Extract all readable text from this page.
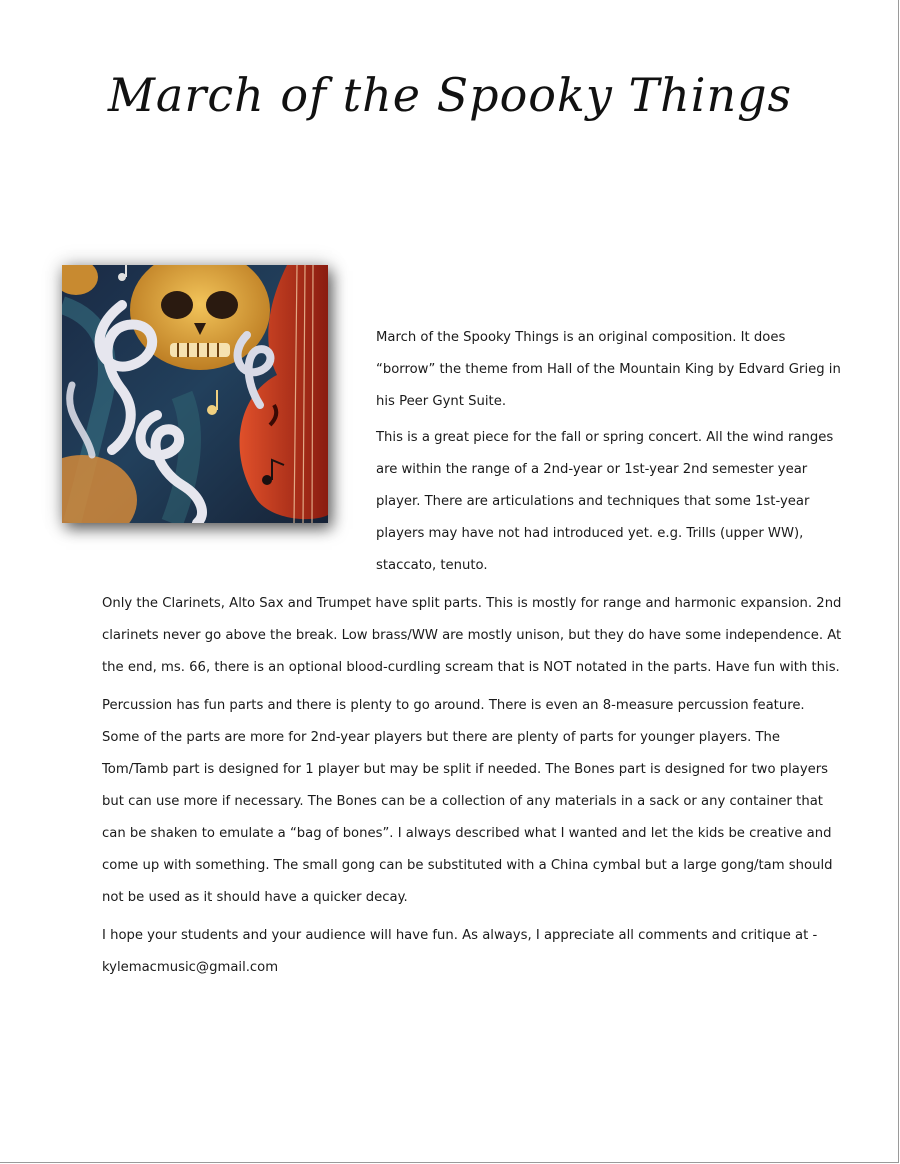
March of the Spooky Things

March of the Spooky Things is an original composition. It does “borrow” the theme from Hall of the Mountain King by Edvard Grieg in his Peer Gynt Suite.

This is a great piece for the fall or spring concert. All the wind ranges are within the range of a 2nd-year or 1st-year 2nd semester year player. There are articulations and techniques that some 1st-year players may have not had introduced yet. e.g. Trills (upper WW), staccato, tenuto.

Only the Clarinets, Alto Sax and Trumpet have split parts. This is mostly for range and harmonic expansion. 2nd clarinets never go above the break. Low brass/WW are mostly unison, but they do have some independence. At the end, ms. 66, there is an optional blood-curdling scream that is NOT notated in the parts. Have fun with this.

Percussion has fun parts and there is plenty to go around. There is even an 8-measure percussion feature. Some of the parts are more for 2nd-year players but there are plenty of parts for younger players. The Tom/Tamb part is designed for 1 player but may be split if needed. The Bones part is designed for two players but can use more if necessary. The Bones can be a collection of any materials in a sack or any container that can be shaken to emulate a “bag of bones”. I always described what I wanted and let the kids be creative and come up with something. The small gong can be substituted with a China cymbal but a large gong/tam should not be used as it should have a quicker decay.

I hope your students and your audience will have fun. As always, I appreciate all comments and critique at - kylemacmusic@gmail.com
